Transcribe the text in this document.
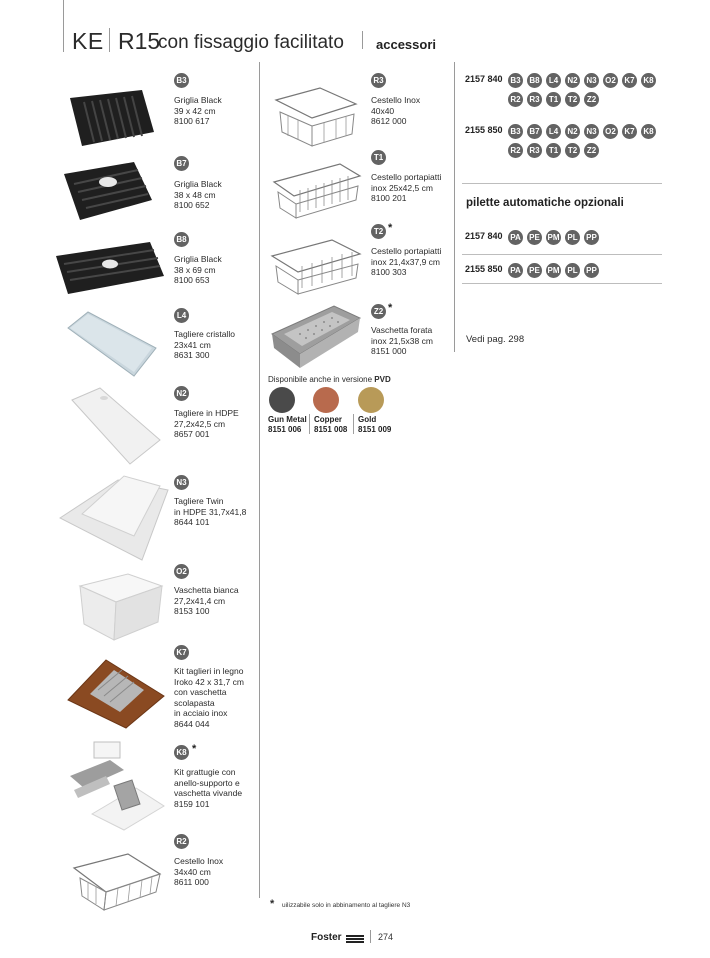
KE R15
con fissaggio facilitato accessori
B3
Griglia Black
39 x 42 cm
8100 617
B7
Griglia Black
38 x 48 cm
8100 652
B8
Griglia Black
38 x 69 cm
8100 653
L4
Tagliere cristallo
23x41 cm
8631 300
N2
Tagliere in HDPE
27,2x42,5 cm
8657 001
N3
Tagliere Twin
in HDPE 31,7x41,8
8644 101
O2
Vaschetta bianca
27,2x41,4 cm
8153 100
K7
Kit taglieri in legno
Iroko 42 x 31,7 cm
con vaschetta
scolapasta
in acciaio inox
8644 044
K8 *
Kit grattugie con
anello-supporto e
vaschetta vivande
8159 101
R2
Cestello Inox
34x40 cm
8611 000
R3
Cestello Inox
40x40
8612 000
T1
Cestello portapiatti
inox 25x42,5 cm
8100 201
T2 *
Cestello portapiatti
inox 21,4x37,9 cm
8100 303
Z2 *
Vaschetta forata
inox 21,5x38 cm
8151 000
Disponibile anche in versione PVD
Gun Metal
8151 006
Copper
8151 008
Gold
8151 009
2157 840 B3 B8	L4	N2 N3 O2 K7 K8
R2 R3	T1	T2	Z2
2155 850 B3 B7	L4	N2 N3 O2 K7 K8
R2 R3	T1	T2	Z2
pilette automatiche opzionali
2157 840 PA PE PM PL PP
2155 850 PA PE PM PL PP
Vedi pag. 298
* uilizzabile solo in abbinamento al tagliere N3
Foster	274
